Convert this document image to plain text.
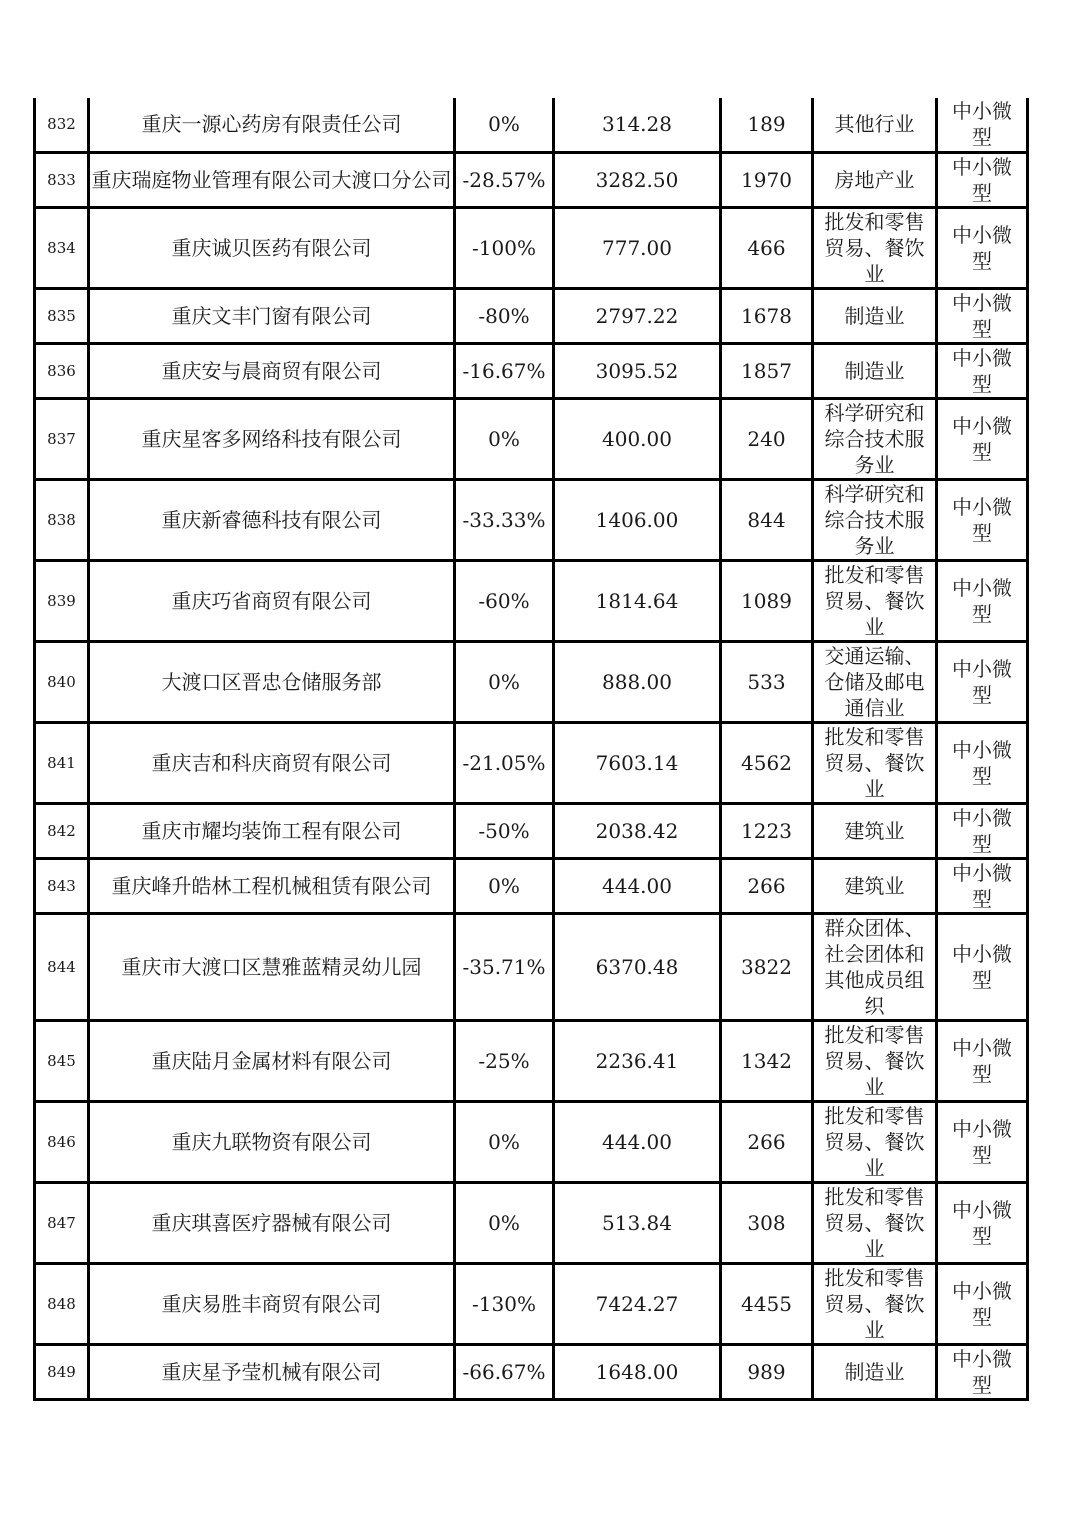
832	重庆一源心药房有限责任公司	0%	314.28	189	其他行业	中小微型

833	重庆瑞庭物业管理有限公司大渡口分公司	-28.57%	3282.50	1970	房地产业	中小微型

834	重庆诚贝医药有限公司	-100%	777.00	466	批发和零售贸易、餐饮业	中小微型

835	重庆文丰门窗有限公司	-80%	2797.22	1678	制造业	中小微型

836	重庆安与晨商贸有限公司	-16.67%	3095.52	1857	制造业	中小微型

837	重庆星客多网络科技有限公司	0%	400.00	240	科学研究和综合技术服务业	中小微型

838	重庆新睿德科技有限公司	-33.33%	1406.00	844	科学研究和综合技术服务业	中小微型

839	重庆巧省商贸有限公司	-60%	1814.64	1089	批发和零售贸易、餐饮业	中小微型

840	大渡口区晋忠仓储服务部	0%	888.00	533	交通运输、仓储及邮电通信业	中小微型

841	重庆吉和科庆商贸有限公司	-21.05%	7603.14	4562	批发和零售贸易、餐饮业	中小微型

842	重庆市耀均装饰工程有限公司	-50%	2038.42	1223	建筑业	中小微型

843	重庆峰升皓林工程机械租赁有限公司	0%	444.00	266	建筑业	中小微型

844	重庆市大渡口区慧雅蓝精灵幼儿园	-35.71%	6370.48	3822	群众团体、社会团体和其他成员组织	中小微型

845	重庆陆月金属材料有限公司	-25%	2236.41	1342	批发和零售贸易、餐饮业	中小微型

846	重庆九联物资有限公司	0%	444.00	266	批发和零售贸易、餐饮业	中小微型

847	重庆琪喜医疗器械有限公司	0%	513.84	308	批发和零售贸易、餐饮业	中小微型

848	重庆易胜丰商贸有限公司	-130%	7424.27	4455	批发和零售贸易、餐饮业	中小微型

849	重庆星予莹机械有限公司	-66.67%	1648.00	989	制造业	中小微型
